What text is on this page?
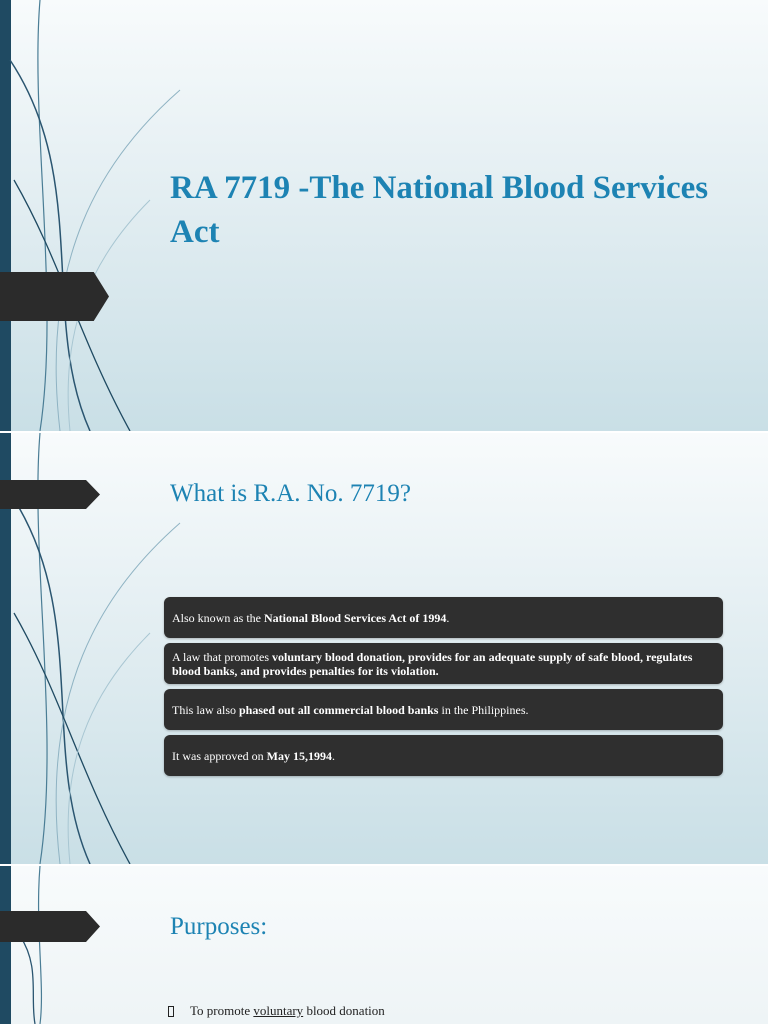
RA 7719 -The National Blood Services Act
What is R.A. No. 7719?
Also known as the National Blood Services Act of 1994.
A law that promotes voluntary blood donation, provides for an adequate supply of safe blood, regulates blood banks, and provides penalties for its violation.
This law also phased out all commercial blood banks in the Philippines.
It was approved on May 15,1994.
Purposes:
To promote voluntary blood donation
